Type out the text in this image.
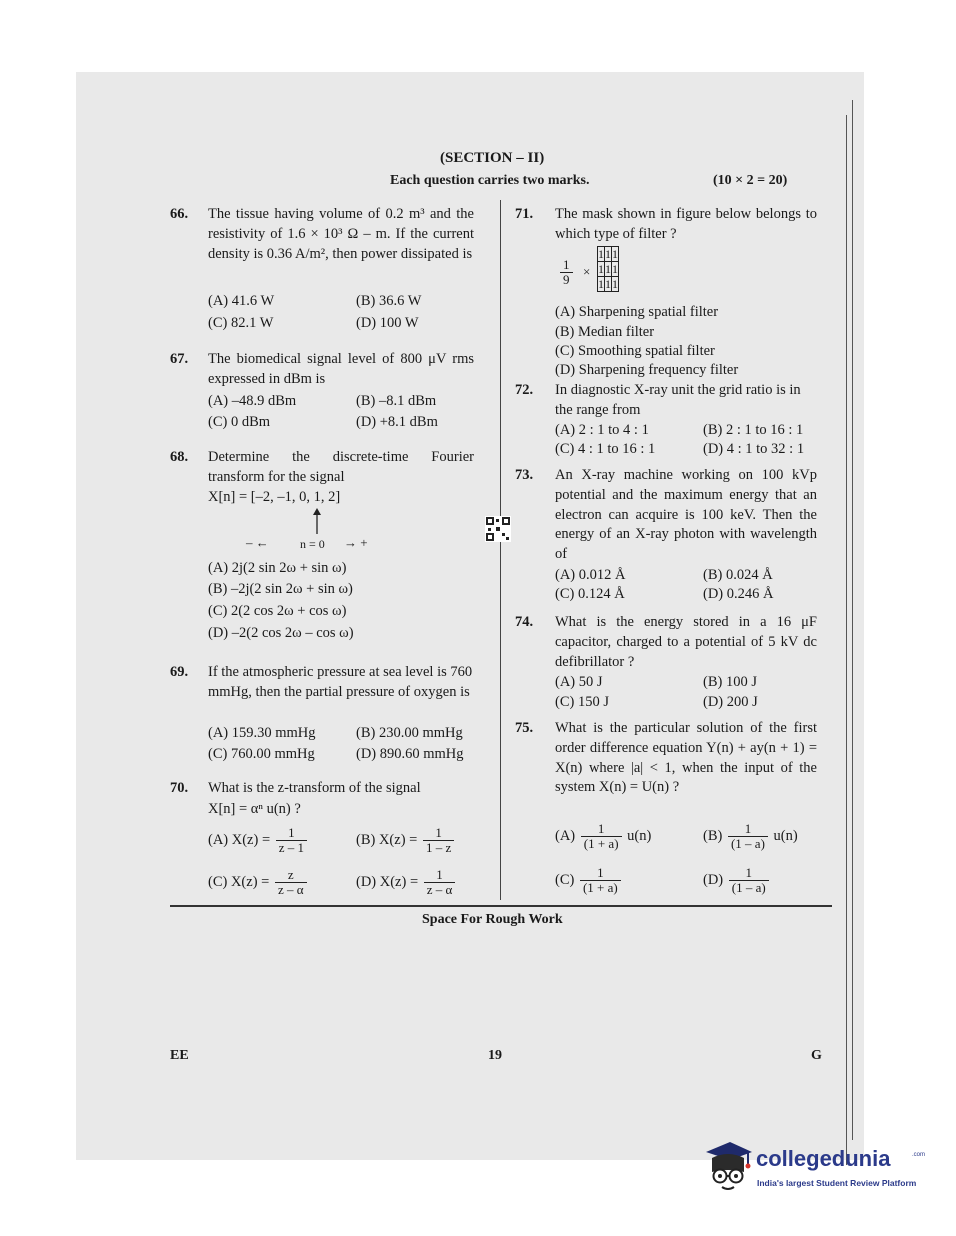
(SECTION – II)
Each question carries two marks.	(10 × 2 = 20)
66. The tissue having volume of 0.2 m³ and the resistivity of 1.6 × 10³ Ω – m. If the current density is 0.36 A/m², then power dissipated is
(A) 41.6 W	(B) 36.6 W
(C) 82.1 W	(D) 100 W
67. The biomedical signal level of 800 μV rms expressed in dBm is
(A) –48.9 dBm	(B) –8.1 dBm
(C) 0 dBm	(D) +8.1 dBm
68. Determine the discrete-time Fourier transform for the signal
X[n] = [–2, –1, 0, 1, 2]
– ←	n = 0 → +
(A) 2j(2 sin 2ω + sin ω)
(B) –2j(2 sin 2ω + sin ω)
(C) 2(2 cos 2ω + cos ω)
(D) –2(2 cos 2ω – cos ω)
69. If the atmospheric pressure at sea level is 760 mmHg, then the partial pressure of oxygen is
(A) 159.30 mmHg	(B) 230.00 mmHg
(C) 760.00 mmHg	(D) 890.60 mmHg
70. What is the z-transform of the signal
X[n] = αⁿ u(n) ?
(A) $X(z) = \frac{1}{z - 1}$	(B) $X(z) = \frac{1}{1 - z}$
(C) $X(z) = \frac{z}{z - \alpha}$	(D) $X(z) = \frac{1}{z - \alpha}$
71. The mask shown in figure below belongs to which type of filter ?
$\frac{1}{9}$ ×
1	1	1
1	1	1
1	1	1
(A) Sharpening spatial filter
(B) Median filter
(C) Smoothing spatial filter
(D) Sharpening frequency filter
72. In diagnostic X-ray unit the grid ratio is in the range from
(A) 2 : 1 to 4 : 1	(B) 2 : 1 to 16 : 1
(C) 4 : 1 to 16 : 1	(D) 4 : 1 to 32 : 1
73. An X-ray machine working on 100 kVp potential and the maximum energy that an electron can acquire is 100 keV. Then the energy of an X-ray photon with wavelength of
(A) 0.012 Å	(B) 0.024 Å
(C) 0.124 Å	(D) 0.246 Å
74. What is the energy stored in a 16 μF capacitor, charged to a potential of 5 kV dc defibrillator ?
(A) 50 J	(B) 100 J
(C) 150 J	(D) 200 J
75. What is the particular solution of the first order difference equation Y(n) + ay(n + 1) = X(n) where |a| < 1, when the input of the system X(n) = U(n) ?
$(A) \frac{1}{(1 + a)} u(n)$	$(B) \frac{1}{(1 - a)} u(n)$
$(C) \frac{1}{(1 + a)}$	$(D) \frac{1}{(1 - a)}$
Space For Rough Work
EE	19	G
collegedunia	.com
India's largest Student Review Platform
